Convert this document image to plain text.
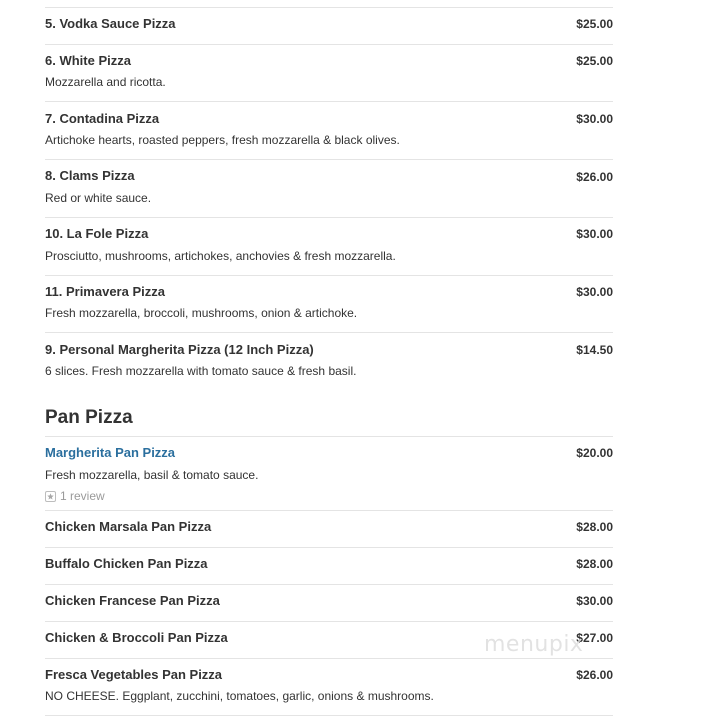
5. Vodka Sauce Pizza	$25.00
6. White Pizza	$25.00
Mozzarella and ricotta.
7. Contadina Pizza	$30.00
Artichoke hearts, roasted peppers, fresh mozzarella & black olives.
8. Clams Pizza	$26.00
Red or white sauce.
10. La Fole Pizza	$30.00
Prosciutto, mushrooms, artichokes, anchovies & fresh mozzarella.
11. Primavera Pizza	$30.00
Fresh mozzarella, broccoli, mushrooms, onion & artichoke.
9. Personal Margherita Pizza (12 Inch Pizza)	$14.50
6 slices. Fresh mozzarella with tomato sauce & fresh basil.
Pan Pizza
Margherita Pan Pizza	$20.00
Fresh mozzarella, basil & tomato sauce.
1 review
Chicken Marsala Pan Pizza	$28.00
Buffalo Chicken Pan Pizza	$28.00
Chicken Francese Pan Pizza	$30.00
Chicken & Broccoli Pan Pizza	$27.00
Fresca Vegetables Pan Pizza	$26.00
NO CHEESE. Eggplant, zucchini, tomatoes, garlic, onions & mushrooms.
menupix
